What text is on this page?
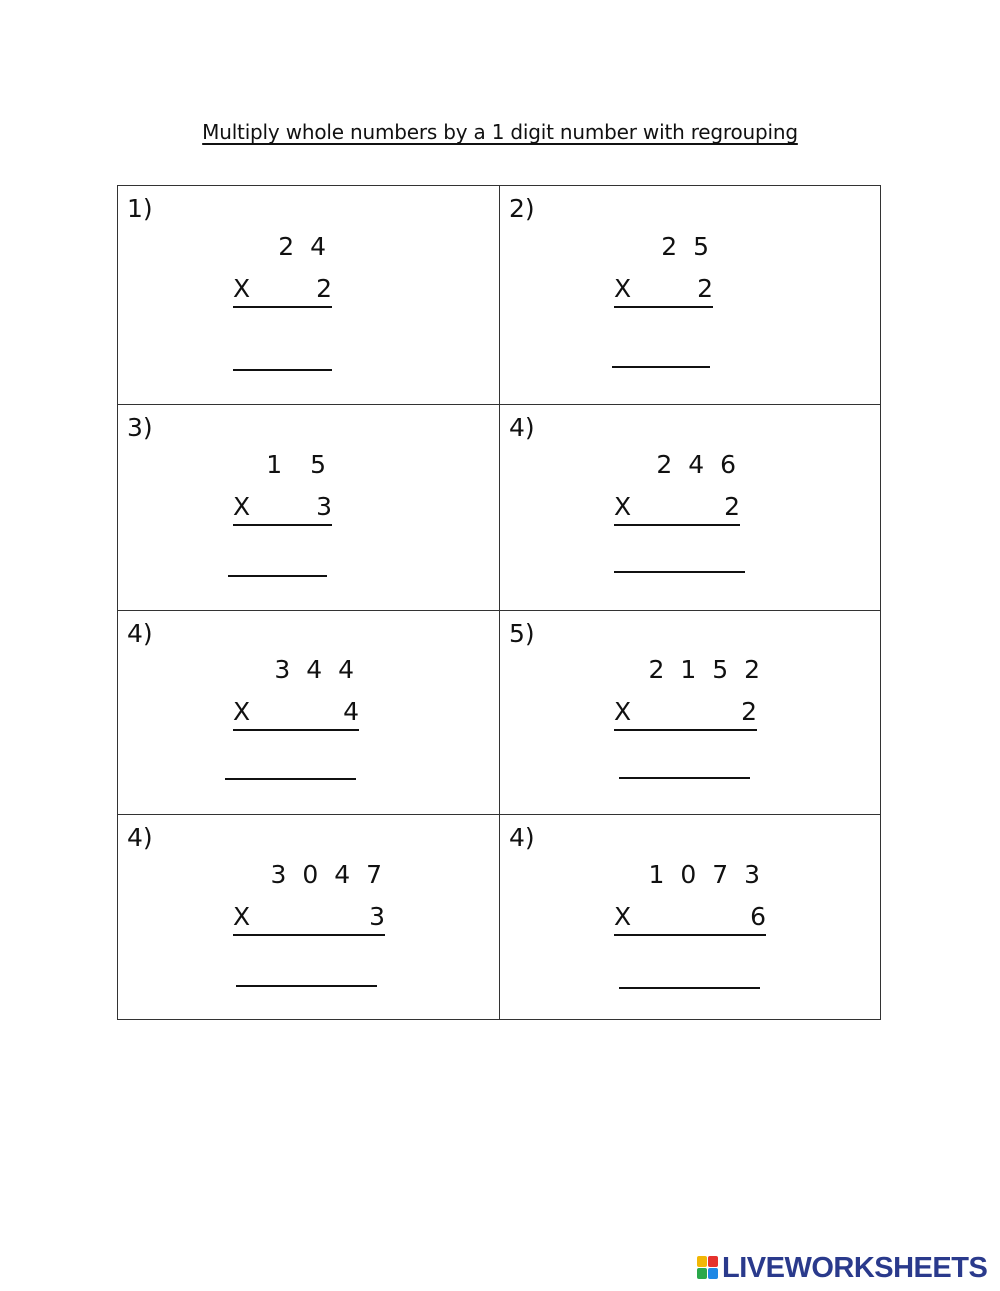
Multiply whole numbers by a 1 digit number with regrouping
1)
2 4
X	2
2)
2 5
X	2
3)
1  5
X	3
4)
2 4 6
X	2
4)
3 4 4
X	4
5)
2 1 5 2
X	2
4)
3 0 4 7
X	3
4)
1 0 7 3
X	6
LIVEWORKSHEETS
